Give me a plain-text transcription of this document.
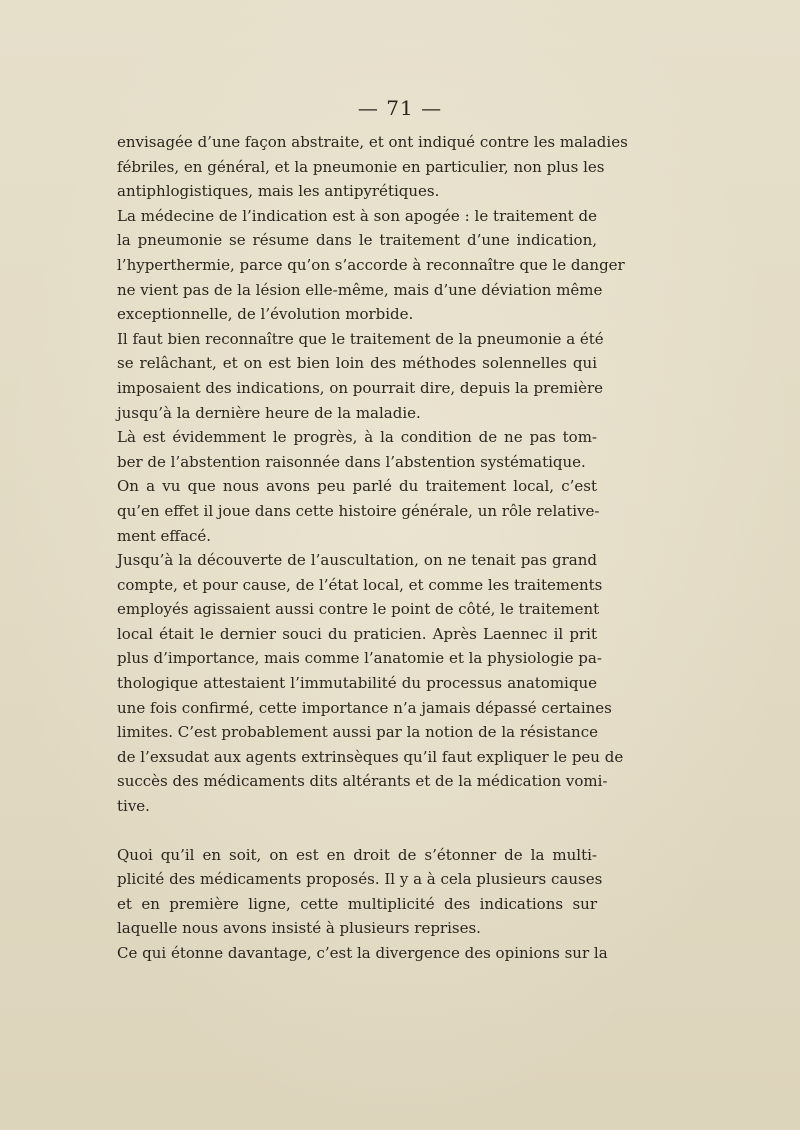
— 71 —
envisagée d’une façon abstraite, et ont indiqué contre les maladies
fébriles, en général, et la pneumonie en particulier, non plus les
antiphlogistiques, mais les antipyrétiques.
La médecine de l’indication est à son apogée : le traitement de
la pneumonie se résume dans le traitement d’une indication,
l’hyperthermie, parce qu’on s’accorde à reconnaître que le danger
ne vient pas de la lésion elle-même, mais d’une déviation même
exceptionnelle, de l’évolution morbide.
Il faut bien reconnaître que le traitement de la pneumonie a été
se relâchant, et on est bien loin des méthodes solennelles qui
imposaient des indications, on pourrait dire, depuis la première
jusqu’à la dernière heure de la maladie.
Là est évidemment le progrès, à la condition de ne pas tom-
ber de l’abstention raisonnée dans l’abstention systématique.
On a vu que nous avons peu parlé du traitement local, c’est
qu’en effet il joue dans cette histoire générale, un rôle relative-
ment effacé.
Jusqu’à la découverte de l’auscultation, on ne tenait pas grand
compte, et pour cause, de l’état local, et comme les traitements
employés agissaient aussi contre le point de côté, le traitement
local était le dernier souci du praticien. Après Laennec il prit
plus d’importance, mais comme l’anatomie et la physiologie pa-
thologique attestaient l’immutabilité du processus anatomique
une fois confirmé, cette importance n’a jamais dépassé certaines
limites. C’est probablement aussi par la notion de la résistance
de l’exsudat aux agents extrinsèques qu’il faut expliquer le peu de
succès des médicaments dits altérants et de la médication vomi-
tive.
Quoi qu’il en soit, on est en droit de s’étonner de la multi-
plicité des médicaments proposés. Il y a à cela plusieurs causes
et en première ligne, cette multiplicité des indications sur
laquelle nous avons insisté à plusieurs reprises.
Ce qui étonne davantage, c’est la divergence des opinions sur la
